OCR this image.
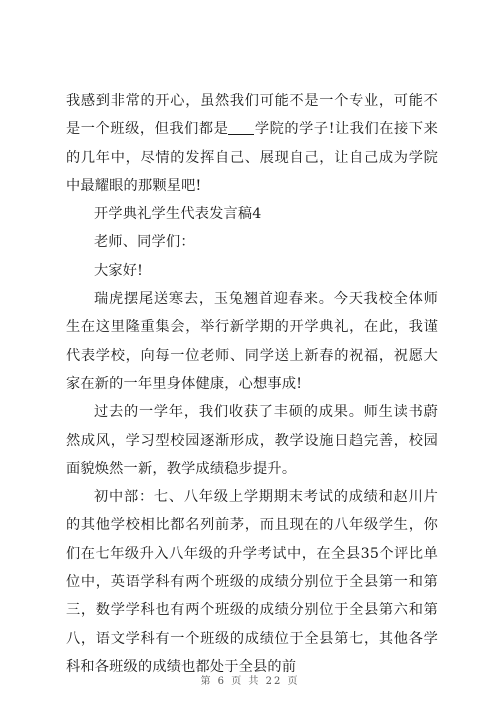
我感到非常的开心，虽然我们可能不是一个专业，可能不是一个班级，但我们都是 学院的学子!让我们在接下来的几年中，尽情的发挥自己、展现自己，让自己成为学院中最耀眼的那颗星吧!

开学典礼学生代表发言稿4

老师、同学们：

大家好!

瑞虎摆尾送寒去，玉兔翘首迎春来。今天我校全体师生在这里隆重集会，举行新学期的开学典礼，在此，我谨代表学校，向每一位老师、同学送上新春的祝福，祝愿大家在新的一年里身体健康，心想事成!

过去的一学年，我们收获了丰硕的成果。师生读书蔚然成风，学习型校园逐渐形成，教学设施日趋完善，校园面貌焕然一新，教学成绩稳步提升。

初中部：七、八年级上学期期末考试的成绩和赵川片的其他学校相比都名列前茅，而且现在的八年级学生，你们在七年级升入八年级的升学考试中，在全县35个评比单位中，英语学科有两个班级的成绩分别位于全县第一和第三，数学学科也有两个班级的成绩分别位于全县第六和第八，语文学科有一个班级的成绩位于全县第七，其他各学科和各班级的成绩也都处于全县的前

第 6 页 共 22 页
